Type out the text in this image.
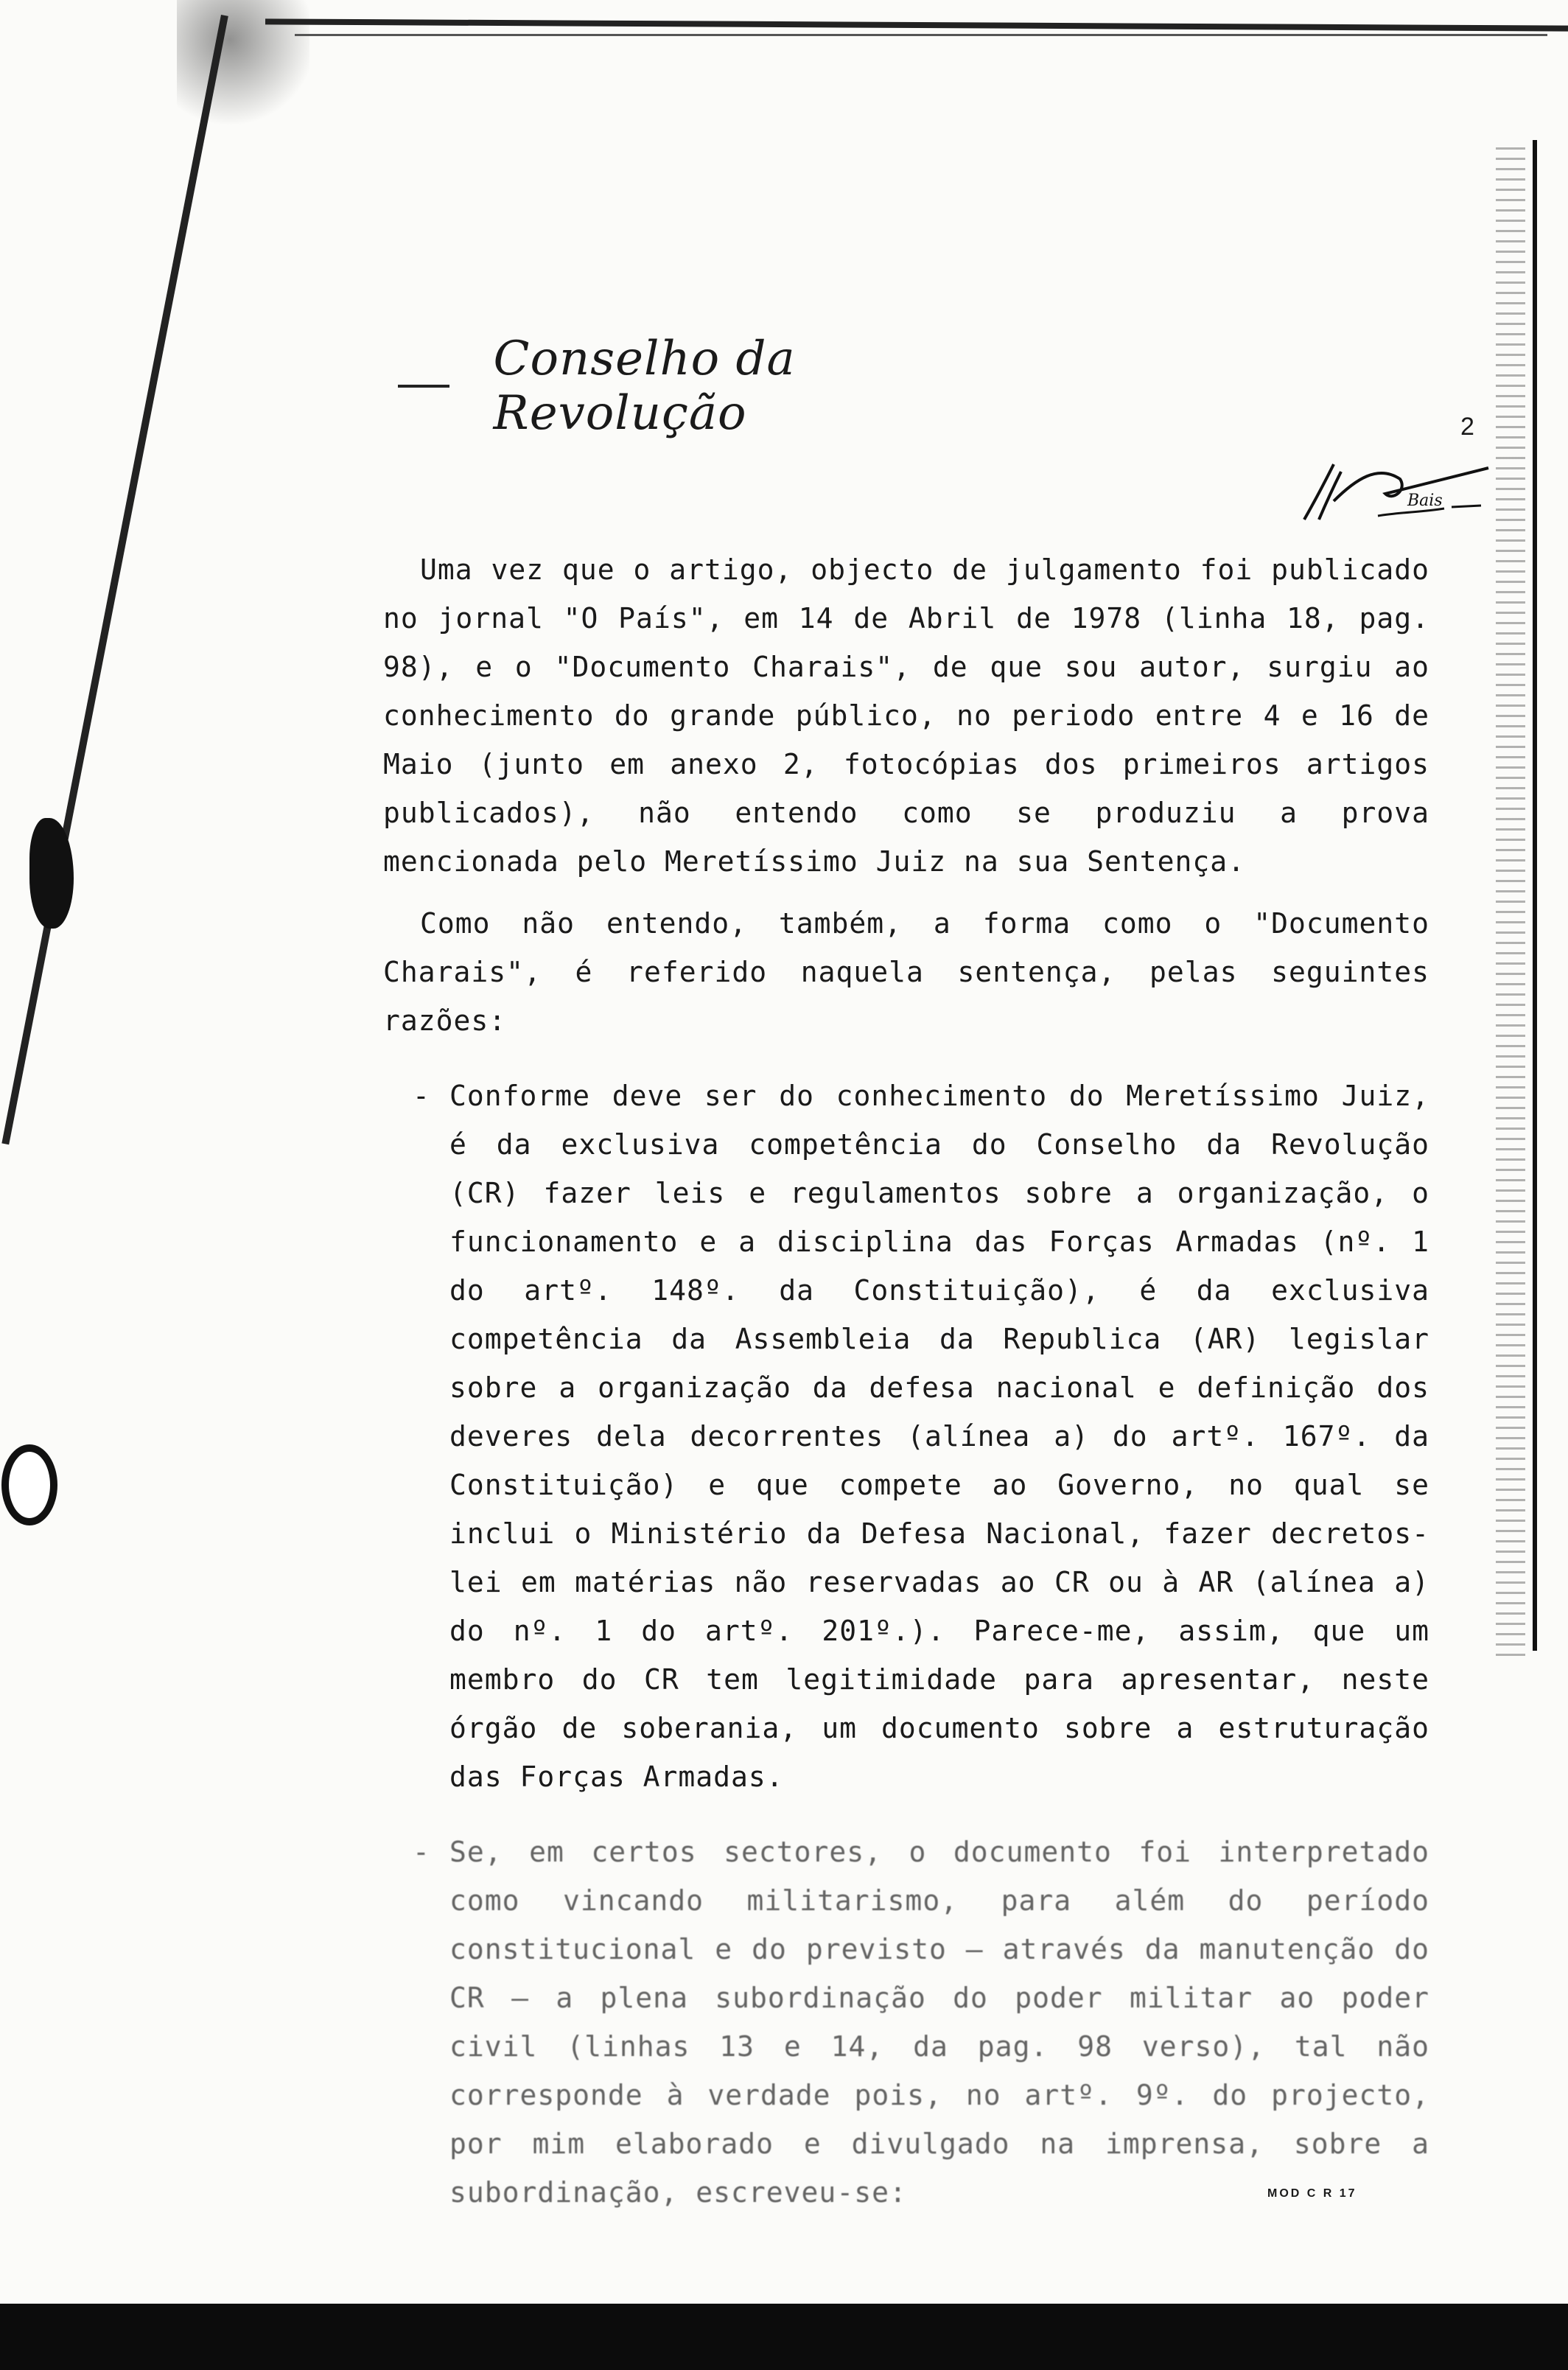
Conselho da Revolução	2
Bais

Uma vez que o artigo, objecto de julgamento foi publicado no jornal "O País", em 14 de Abril de 1978 (linha 18, pag. 98), e o "Documento Charais", de que sou autor, surgiu ao conhecimento do grande público, no periodo entre 4 e 16 de Maio (junto em anexo 2, fotocópias dos primeiros artigos publicados), não entendo como se produziu a prova mencionada pelo Meretíssimo Juiz na sua Sentença.

Como não entendo, também, a forma como o "Documento Charais", é referido naquela sentença, pelas seguintes razões:

- Conforme deve ser do conhecimento do Meretíssimo Juiz, é da exclusiva competência do Conselho da Revolução (CR) fazer leis e regulamentos sobre a organização, o funcionamento e a disciplina das Forças Armadas (nº. 1 do artº. 148º. da Constituição), é da exclusiva competência da Assembleia da Republica (AR) legislar sobre a organização da defesa nacional e definição dos deveres dela decorrentes (alínea a) do artº. 167º. da Constituição) e que compete ao Governo, no qual se inclui o Ministério da Defesa Nacional, fazer decretos-lei em matérias não reservadas ao CR ou à AR (alínea a) do nº. 1 do artº. 201º.). Parece-me, assim, que um membro do CR tem legitimidade para apresentar, neste órgão de soberania, um documento sobre a estruturação das Forças Armadas.
- Se, em certos sectores, o documento foi interpretado como vincando militarismo, para além do período constitucional e do previsto — através da manutenção do CR — a plena subordinação do poder militar ao poder civil (linhas 13 e 14, da pag. 98 verso), tal não corresponde à verdade pois, no artº. 9º. do projecto, por mim elaborado e divulgado na imprensa, sobre a subordinação, escreveu-se:	MOD C R 17
